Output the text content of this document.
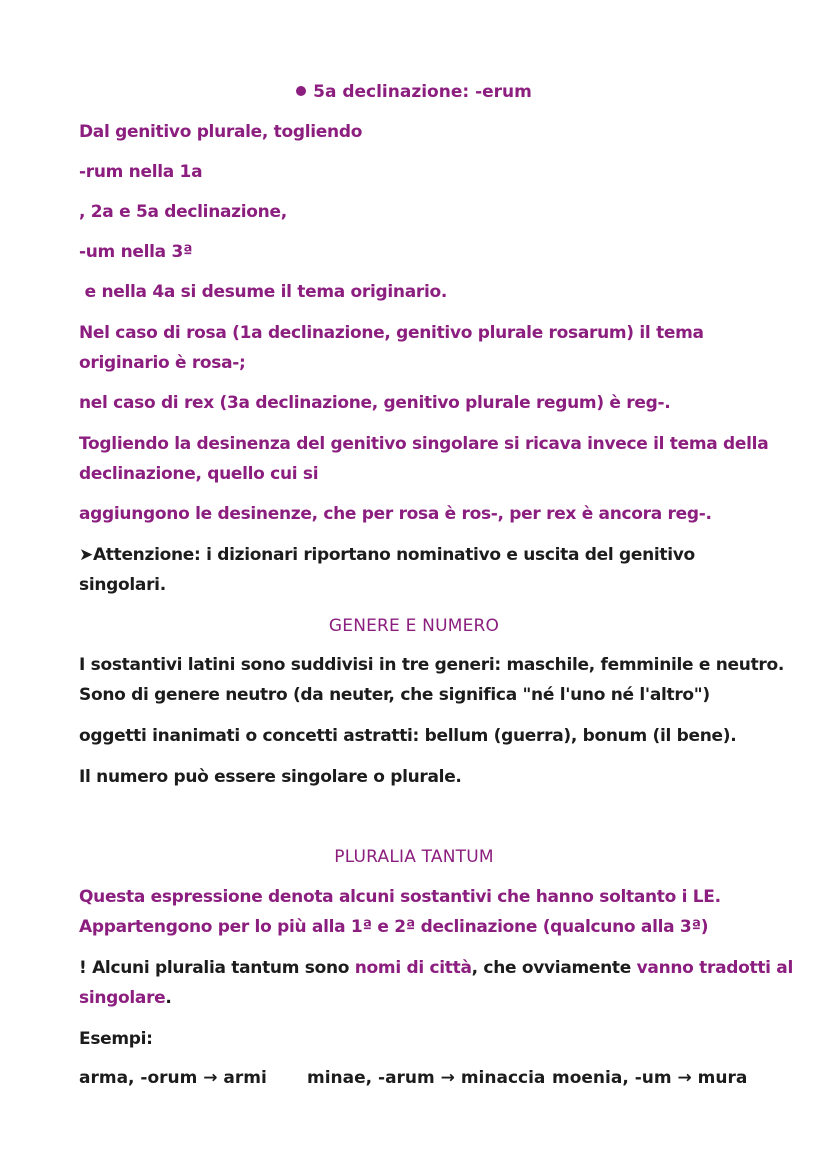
5a declinazione: -erum
Dal genitivo plurale, togliendo
-rum nella 1a
, 2a e 5a declinazione,
-um nella 3ª
e nella 4a si desume il tema originario.
Nel caso di rosa (1a declinazione, genitivo plurale rosarum) il tema
originario è rosa-;
nel caso di rex (3a declinazione, genitivo plurale regum) è reg-.
Togliendo la desinenza del genitivo singolare si ricava invece il tema della
declinazione, quello cui si
aggiungono le desinenze, che per rosa è ros-, per rex è ancora reg-.
➤Attenzione: i dizionari riportano nominativo e uscita del genitivo
singolari.
GENERE E NUMERO
I sostantivi latini sono suddivisi in tre generi: maschile, femminile e neutro.
Sono di genere neutro (da neuter, che significa "né l'uno né l'altro")
oggetti inanimati o concetti astratti: bellum (guerra), bonum (il bene).
Il numero può essere singolare o plurale.
PLURALIA TANTUM
Questa espressione denota alcuni sostantivi che hanno soltanto i LE.
Appartengono per lo più alla 1ª e 2ª declinazione (qualcuno alla 3ª)
! Alcuni pluralia tantum sono nomi di città, che ovviamente vanno tradotti al
singolare.
Esempi:
arma, -orum → armi minae, -arum → minaccia moenia, -um → mura
